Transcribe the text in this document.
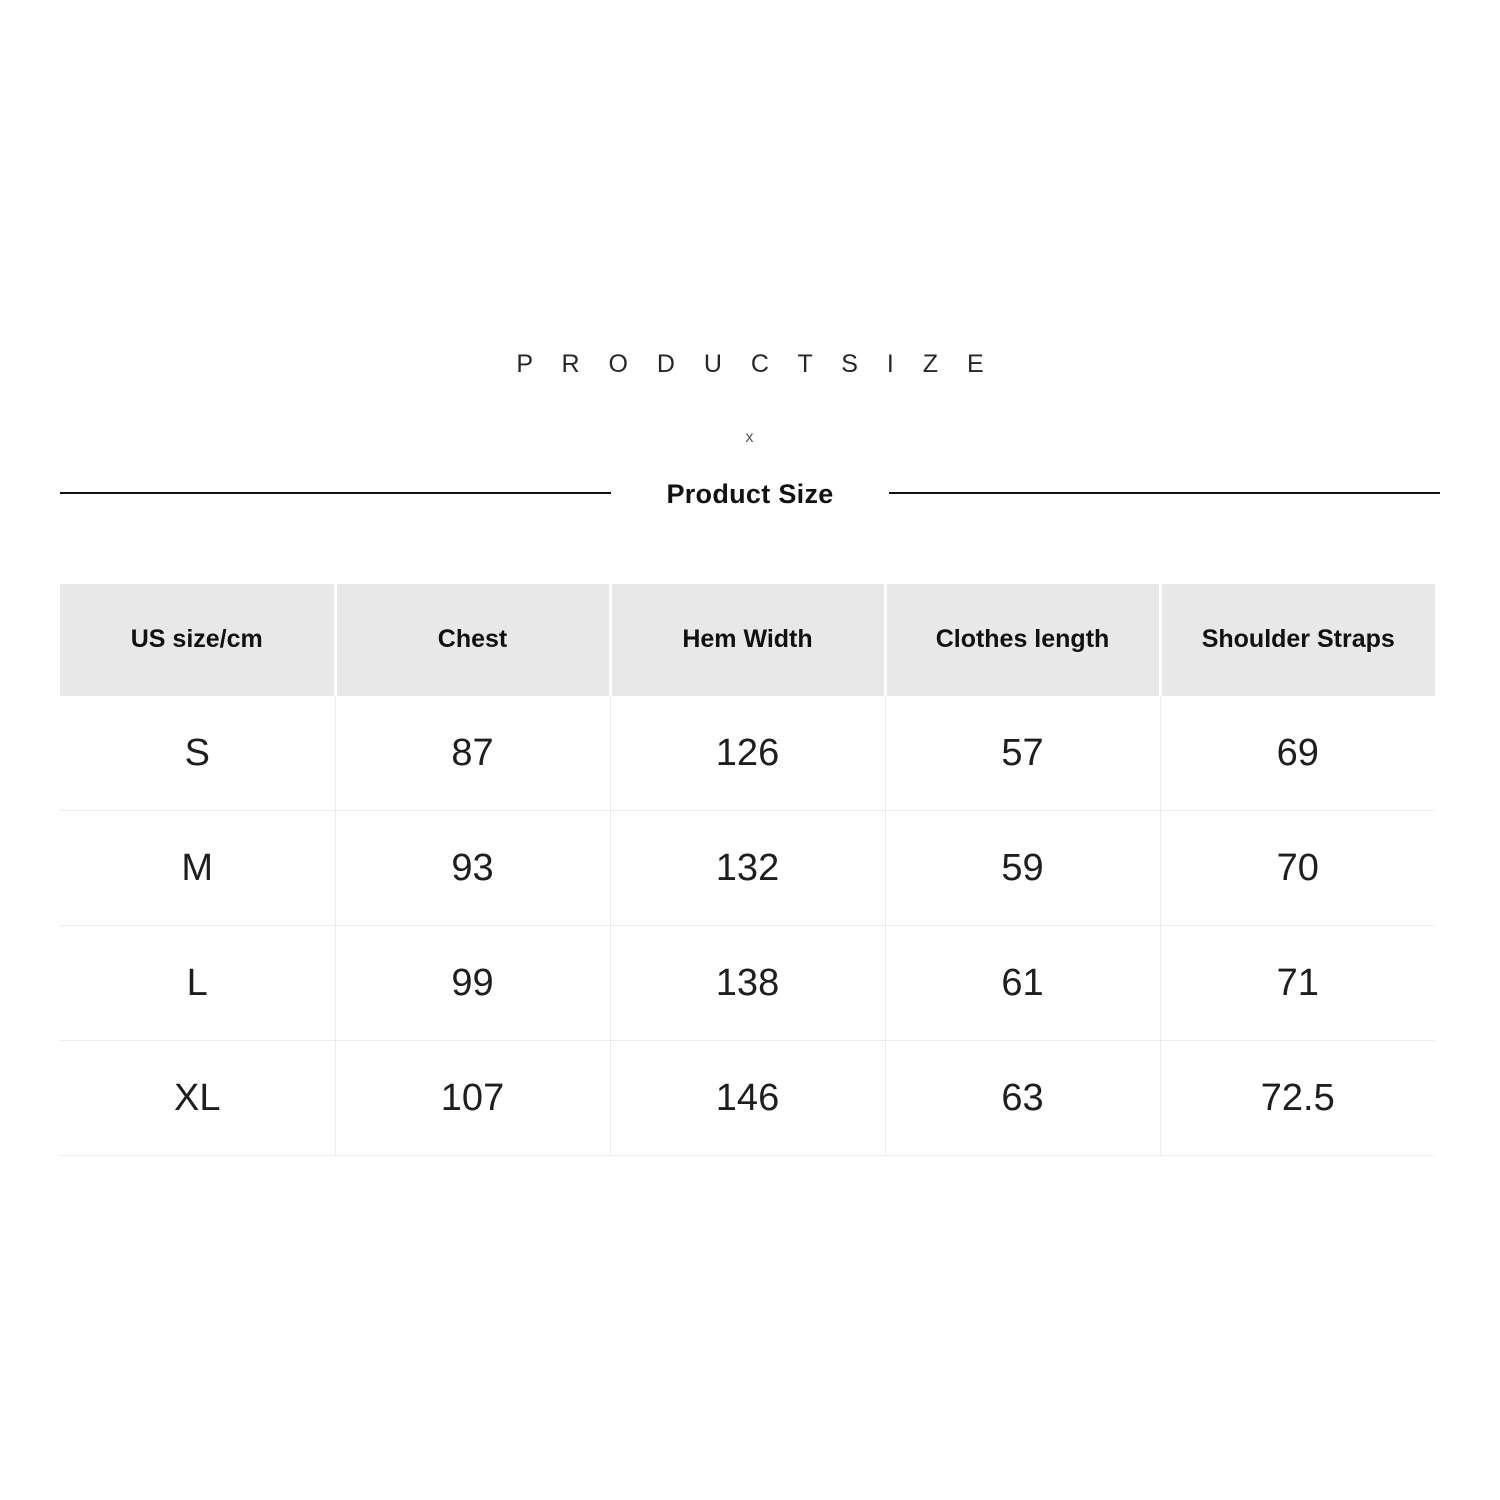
P R O D U C T S I Z E
x
Product Size
US size/cm	Chest	Hem Width	Clothes length	Shoulder Straps
S	87	126	57	69
M	93	132	59	70
L	99	138	61	71
XL	107	146	63	72.5
